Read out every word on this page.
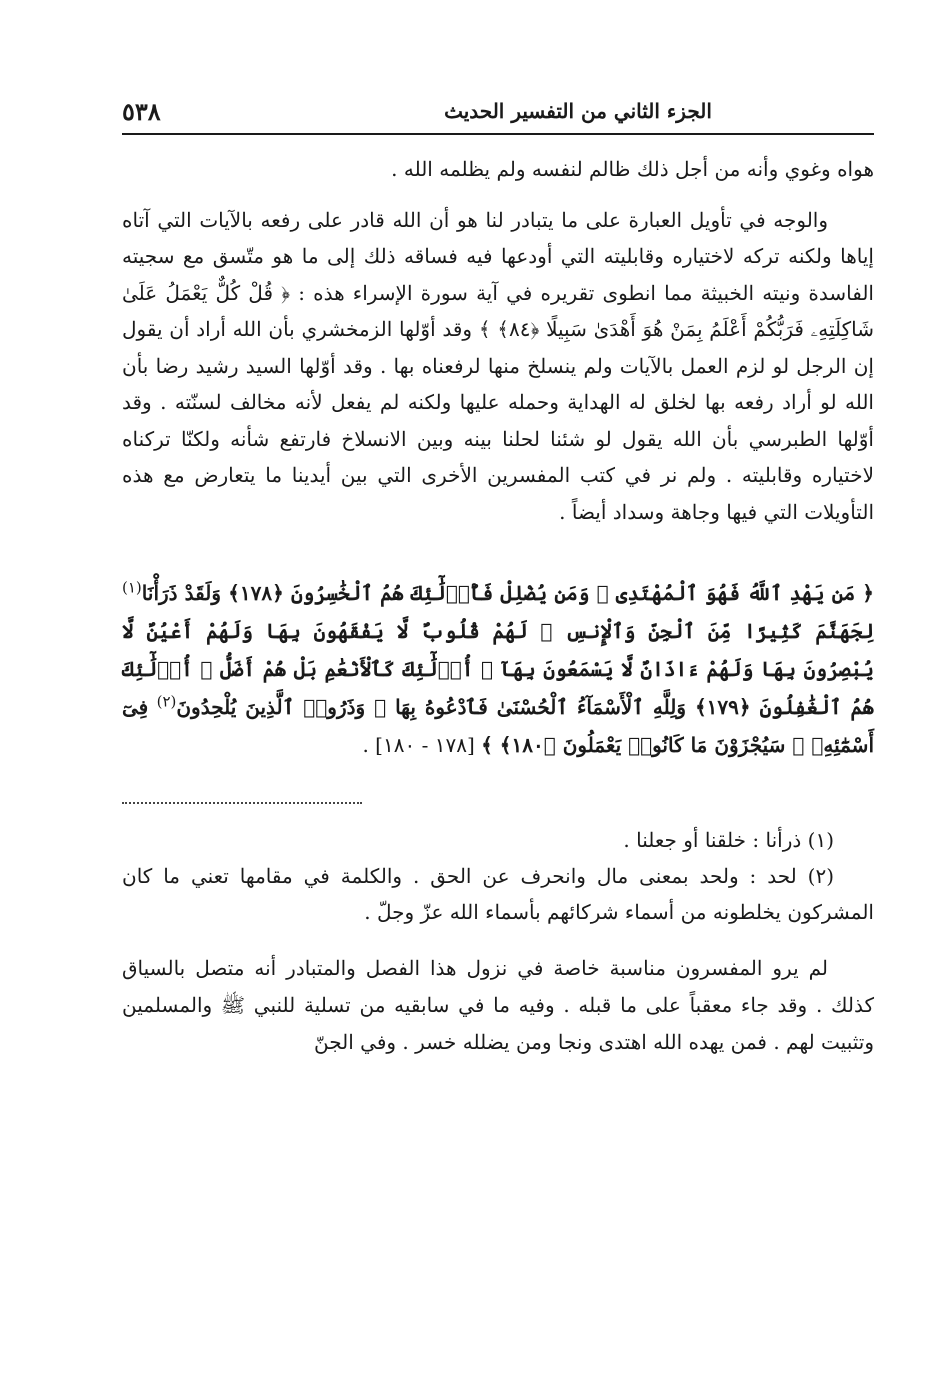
الجزء الثاني من التفسير الحديث
٥٣٨

هواه وغوي وأنه من أجل ذلك ظالم لنفسه ولم يظلمه الله .

والوجه في تأويل العبارة على ما يتبادر لنا هو أن الله قادر على رفعه بالآيات التي آتاه إياها ولكنه تركه لاختياره وقابليته التي أودعها فيه فساقه ذلك إلى ما هو متّسق مع سجيته الفاسدة ونيته الخبيثة مما انطوى تقريره في آية سورة الإسراء هذه : ﴿ قُلْ كُلٌّ يَعْمَلُ عَلَىٰ شَاكِلَتِهِۦ فَرَبُّكُمْ أَعْلَمُ بِمَنْ هُوَ أَهْدَىٰ سَبِيلًا ﴿٨٤﴾ ﴾ وقد أوّلها الزمخشري بأن الله أراد أن يقول إن الرجل لو لزم العمل بالآيات ولم ينسلخ منها لرفعناه بها . وقد أوّلها السيد رشيد رضا بأن الله لو أراد رفعه بها لخلق له الهداية وحمله عليها ولكنه لم يفعل لأنه مخالف لسنّته . وقد أوّلها الطبرسي بأن الله يقول لو شئنا لحلنا بينه وبين الانسلاخ فارتفع شأنه ولكنّا تركناه لاختياره وقابليته . ولم نر في كتب المفسرين الأخرى التي بين أيدينا ما يتعارض مع هذه التأويلات التي فيها وجاهة وسداد أيضاً .

﴿ مَن يَهْدِ ٱللَّهُ فَهُوَ ٱلْمُهْتَدِى ۖ وَمَن يُضْلِلْ فَأُو۟لَٰٓئِكَ هُمُ ٱلْخَٰسِرُونَ ﴿١٧٨﴾ وَلَقَدْ ذَرَأْنَا$^{(١)}$ لِجَهَنَّمَ كَثِيرًا مِّنَ ٱلْجِنِّ وَٱلْإِنسِ ۖ لَهُمْ قُلُوبٌ لَّا يَفْقَهُونَ بِهَا وَلَهُمْ أَعْيُنٌ لَّا يُبْصِرُونَ بِهَا وَلَهُمْ ءَاذَانٌ لَّا يَسْمَعُونَ بِهَآ ۚ أُو۟لَٰٓئِكَ كَٱلْأَنْعَٰمِ بَلْ هُمْ أَضَلُّ ۚ أُو۟لَٰٓئِكَ هُمُ ٱلْغَٰفِلُونَ ﴿١٧٩﴾ وَلِلَّهِ ٱلْأَسْمَآءُ ٱلْحُسْنَىٰ فَٱدْعُوهُ بِهَا ۖ وَذَرُوا۟ ٱلَّذِينَ يُلْحِدُونَ$^{(٢)}$ فِىٓ أَسْمَٰٓئِهِۦ ۚ سَيُجْزَوْنَ مَا كَانُوا۟ يَعْمَلُونَ ﴿١٨٠﴾ ﴾ [١٧٨ - ١٨٠] .

(١) ذرأنا : خلقنا أو جعلنا .

(٢) لحد : ولحد بمعنى مال وانحرف عن الحق . والكلمة في مقامها تعني ما كان المشركون يخلطونه من أسماء شركائهم بأسماء الله عزّ وجلّ .

لم يرو المفسرون مناسبة خاصة في نزول هذا الفصل والمتبادر أنه متصل بالسياق كذلك . وقد جاء معقباً على ما قبله . وفيه ما في سابقيه من تسلية للنبي ﷺ والمسلمين وتثبيت لهم . فمن يهده الله اهتدى ونجا ومن يضلله خسر . وفي الجنّ
